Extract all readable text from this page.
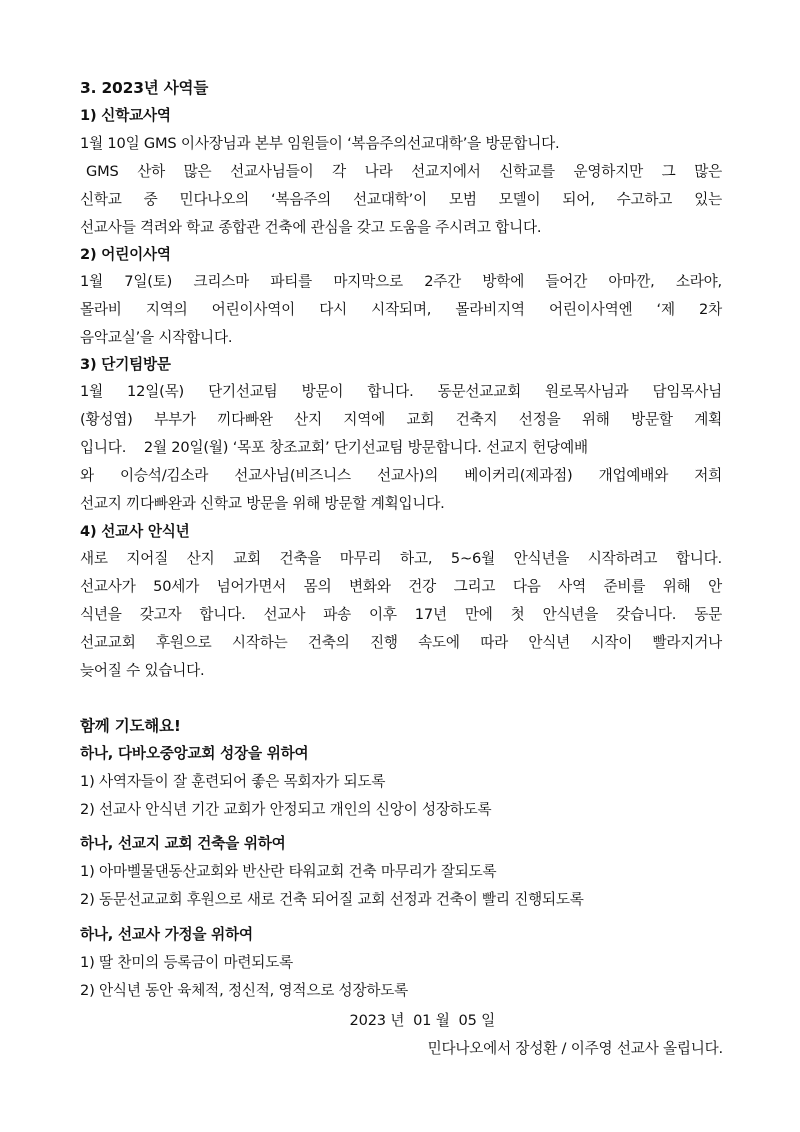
3. 2023년 사역들
1) 신학교사역
1월 10일 GMS 이사장님과 본부 임원들이 ‘복음주의선교대학’을 방문합니다.
GMS 산하 많은 선교사님들이 각 나라 선교지에서 신학교를 운영하지만 그 많은
신학교 중 민다나오의 ‘복음주의 선교대학’이 모범 모델이 되어, 수고하고 있는
선교사들 격려와 학교 종합관 건축에 관심을 갖고 도움을 주시려고 합니다.
2) 어린이사역
1월 7일(토) 크리스마 파티를 마지막으로 2주간 방학에 들어간 아마깐, 소라야,
몰라비 지역의 어린이사역이 다시 시작되며, 몰라비지역 어린이사역엔 ‘제 2차
음악교실’을 시작합니다.
3) 단기팀방문
1월 12일(목) 단기선교팀 방문이 합니다. 동문선교교회 원로목사님과 담임목사님
(황성엽) 부부가 끼다빠완 산지 지역에 교회 건축지 선정을 위해 방문할 계획
입니다.    2월 20일(월) ‘목포 창조교회’ 단기선교팀 방문합니다. 선교지 헌당예배
와 이승석/김소라 선교사님(비즈니스 선교사)의 베이커리(제과점) 개업예배와 저희
선교지 끼다빠완과 신학교 방문을 위해 방문할 계획입니다.
4) 선교사 안식년
새로 지어질 산지 교회 건축을 마무리 하고, 5~6월 안식년을 시작하려고 합니다.
선교사가 50세가 넘어가면서 몸의 변화와 건강 그리고 다음 사역 준비를 위해 안
식년을 갖고자 합니다. 선교사 파송 이후 17년 만에 첫 안식년을 갖습니다. 동문
선교교회 후원으로 시작하는 건축의 진행 속도에 따라 안식년 시작이 빨라지거나
늦어질 수 있습니다.
함께 기도해요!
하나, 다바오중앙교회 성장을 위하여
1) 사역자들이 잘 훈련되어 좋은 목회자가 되도록
2) 선교사 안식년 기간 교회가 안정되고 개인의 신앙이 성장하도록
하나, 선교지 교회 건축을 위하여
1) 아마벨물댄동산교회와 반산란 타워교회 건축 마무리가 잘되도록
2) 동문선교교회 후원으로 새로 건축 되어질 교회 선정과 건축이 빨리 진행되도록
하나, 선교사 가정을 위하여
1) 딸 찬미의 등록금이 마련되도록
2) 안식년 동안 육체적, 정신적, 영적으로 성장하도록
2023 년  01 월  05 일
민다나오에서 장성환 / 이주영 선교사 올립니다.
